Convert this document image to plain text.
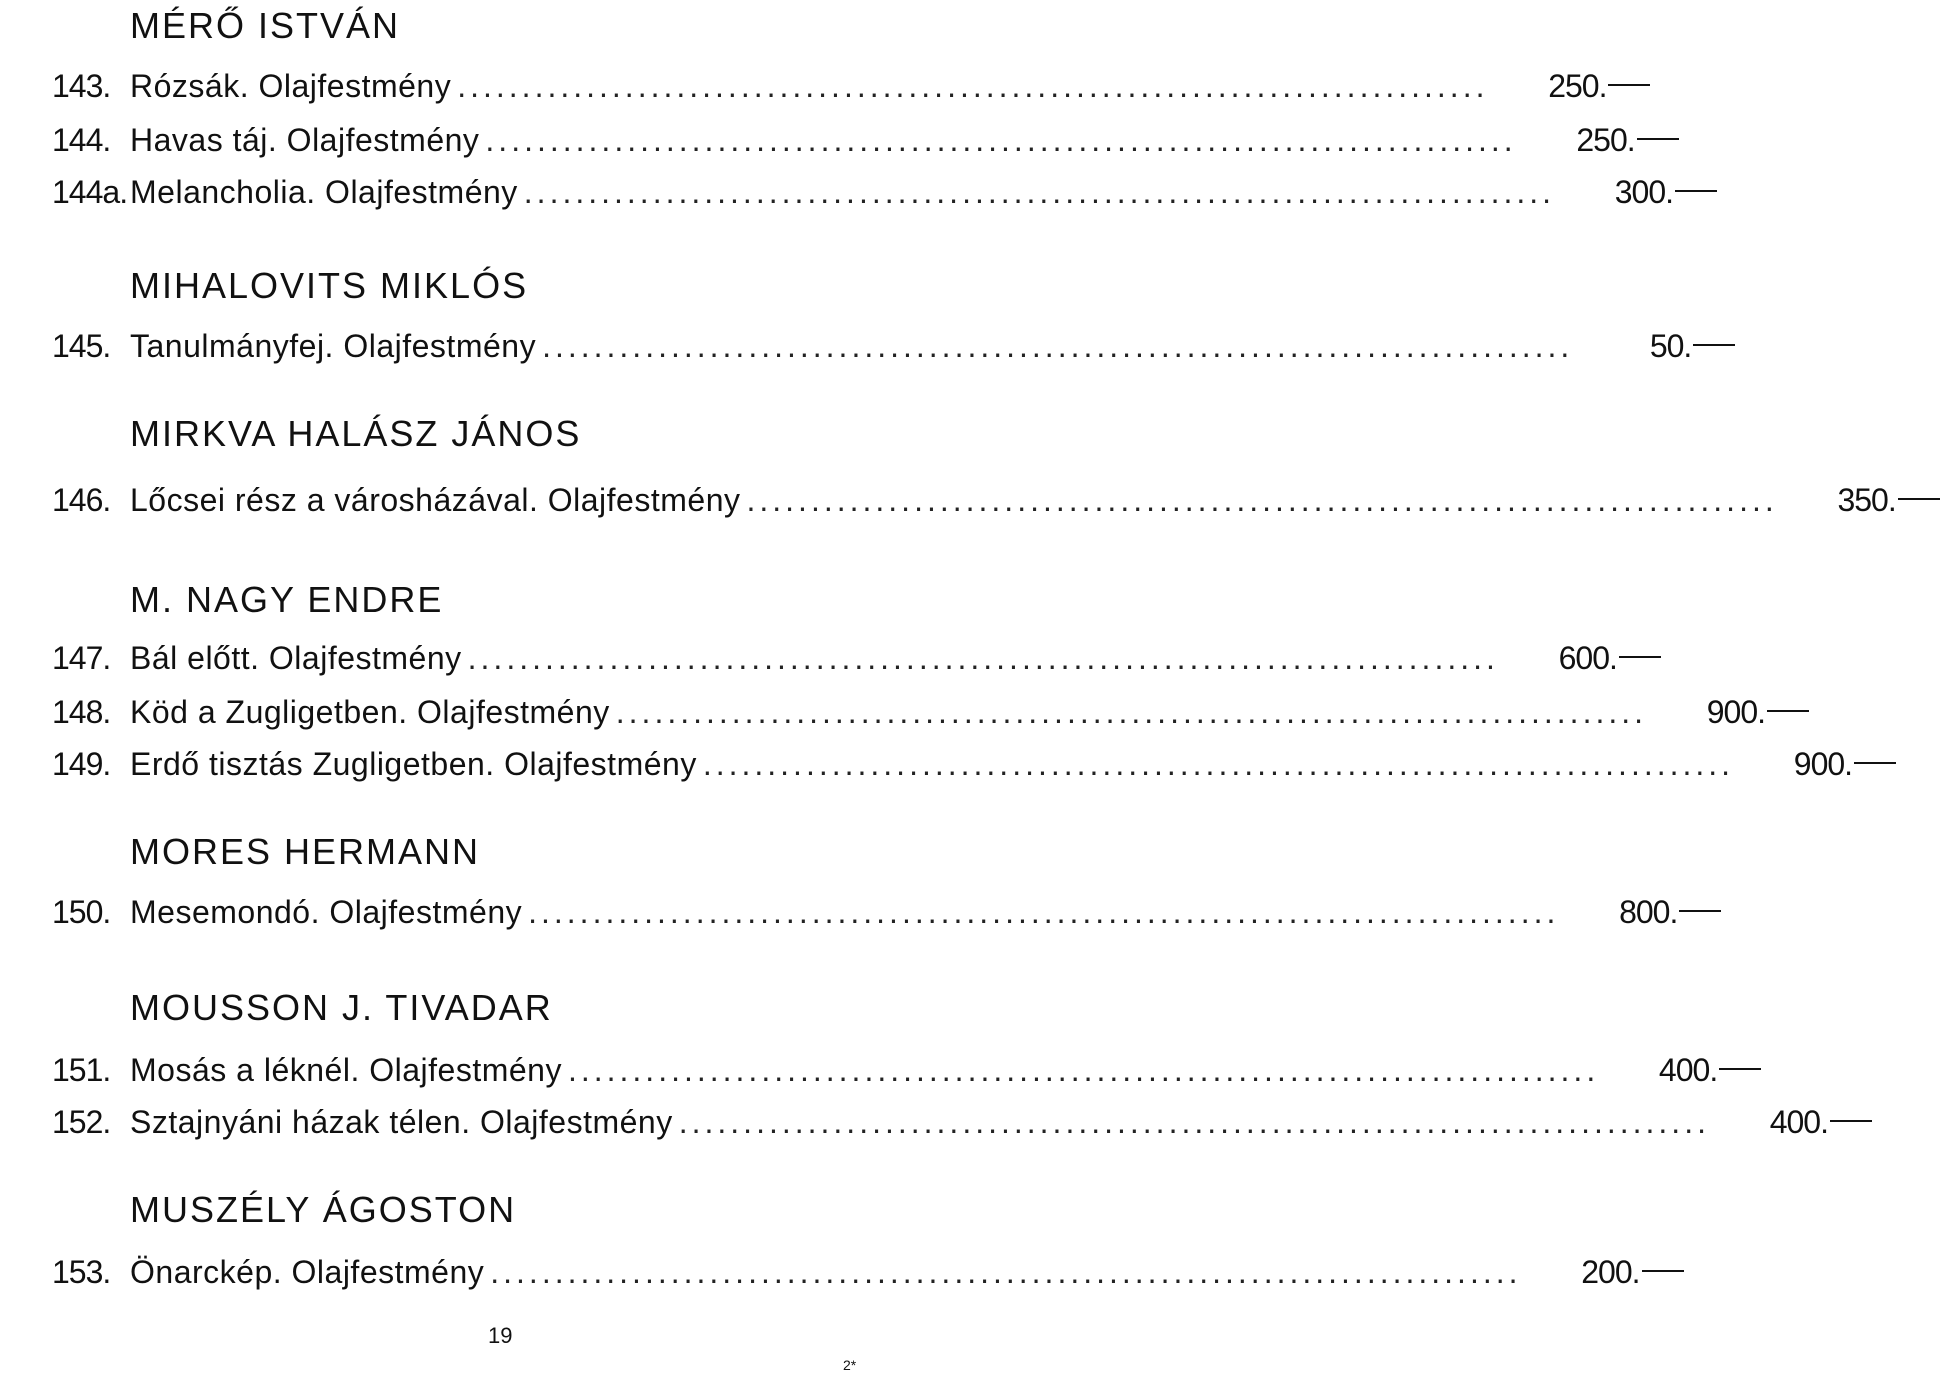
MÉRŐ ISTVÁN
143. Rózsák. Olajfestmény ................................................................................	250.
144. Havas táj. Olajfestmény ................................................................................	250.
144a. Melancholia. Olajfestmény ................................................................................	300.
MIHALOVITS MIKLÓS
145. Tanulmányfej. Olajfestmény ................................................................................	50.
MIRKVA HALÁSZ JÁNOS
146. Lőcsei rész a városházával. Olajfestmény ................................................................................	350.
M. NAGY ENDRE
147. Bál előtt. Olajfestmény ................................................................................	600.
148. Köd a Zugligetben. Olajfestmény ................................................................................	900.
149. Erdő tisztás Zugligetben. Olajfestmény ................................................................................	900.
MORES HERMANN
150. Mesemondó. Olajfestmény ................................................................................	800.
MOUSSON J. TIVADAR
151. Mosás a léknél. Olajfestmény ................................................................................	400.
152. Sztajnyáni házak télen. Olajfestmény ................................................................................	400.
MUSZÉLY ÁGOSTON
153. Önarckép. Olajfestmény ................................................................................	200.
19
2*
